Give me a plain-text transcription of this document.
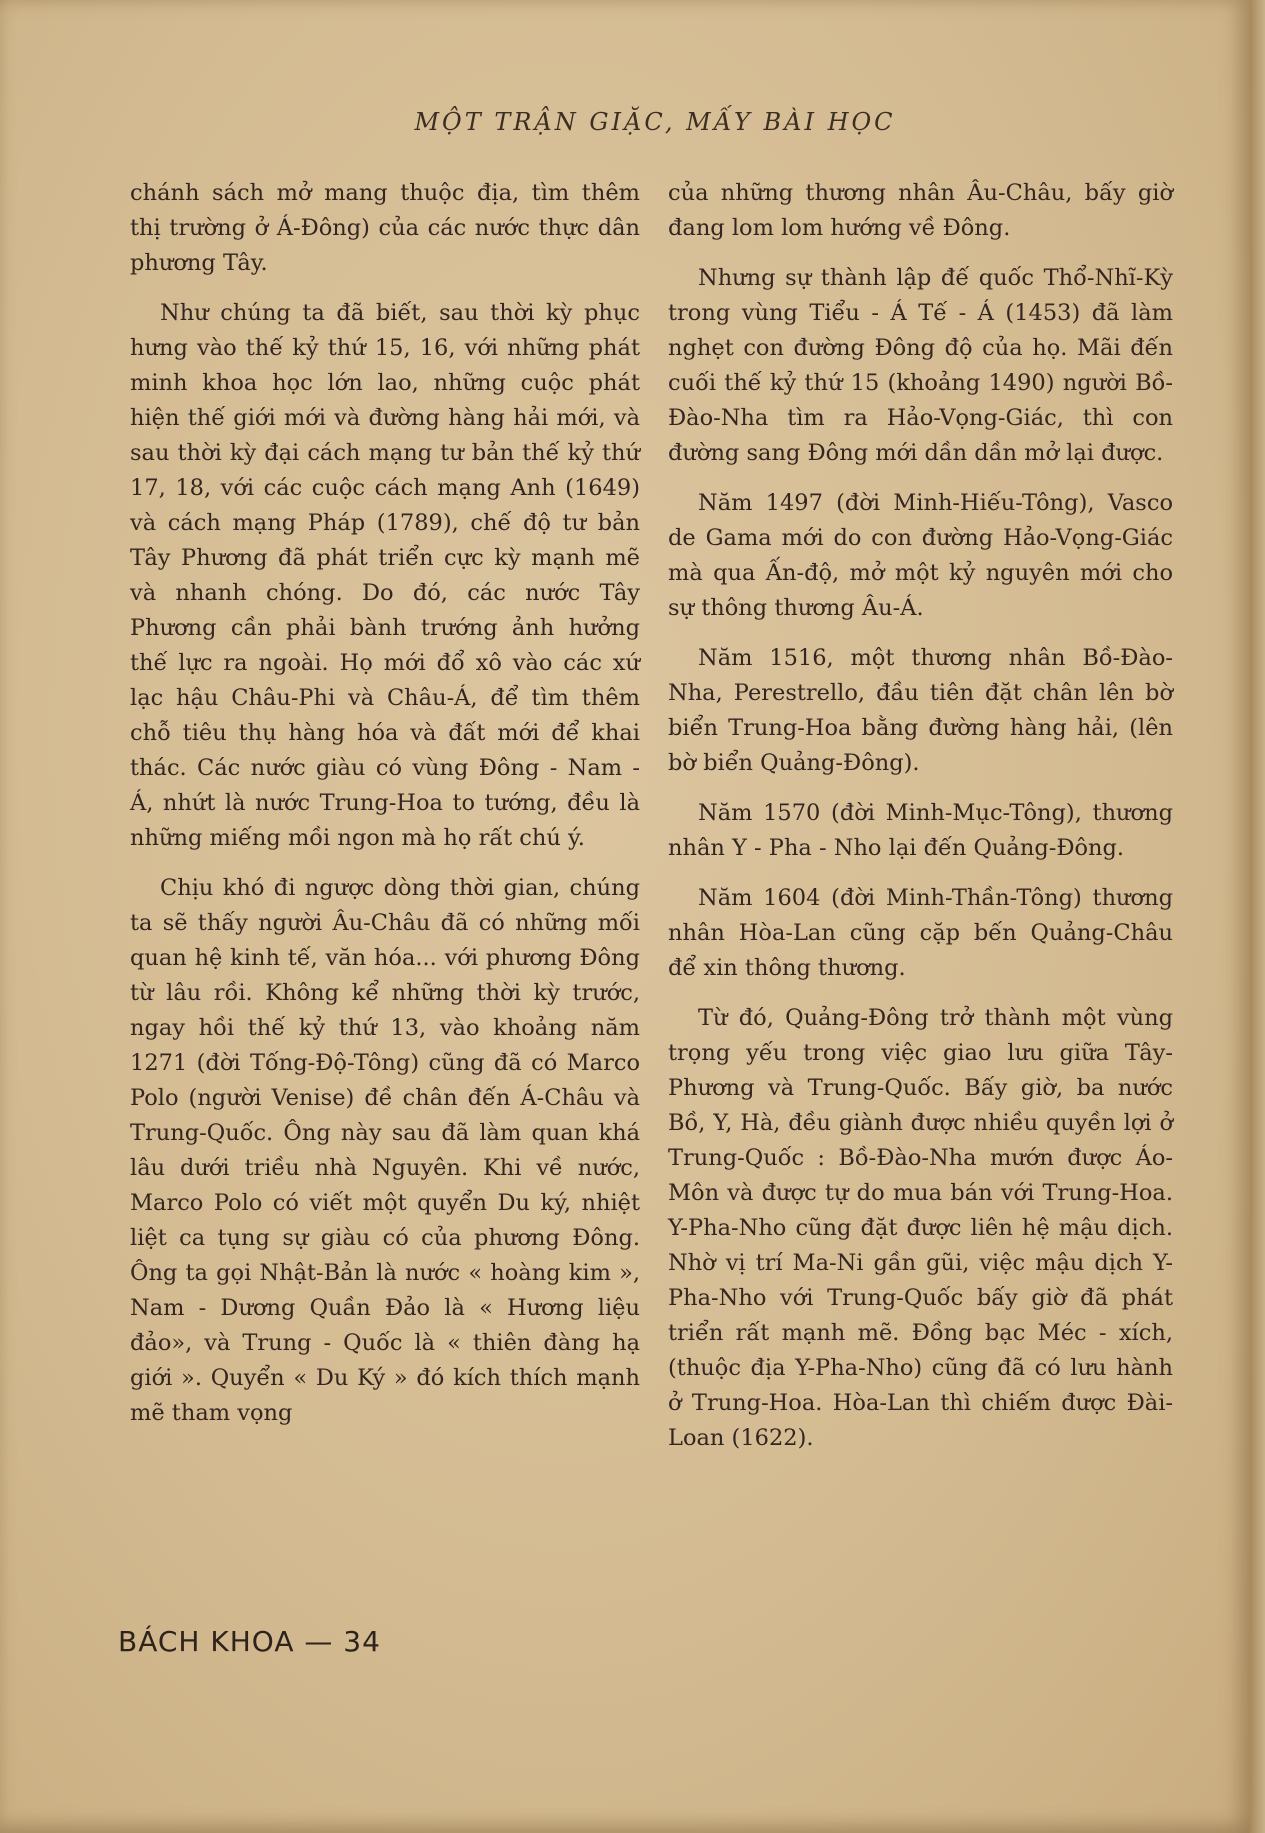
MỘT TRẬN GIẶC, MẤY BÀI HỌC

chánh sách mở mang thuộc địa, tìm thêm thị trường ở Á-Đông) của các nước thực dân phương Tây.

Như chúng ta đã biết, sau thời kỳ phục hưng vào thế kỷ thứ 15, 16, với những phát minh khoa học lớn lao, những cuộc phát hiện thế giới mới và đường hàng hải mới, và sau thời kỳ đại cách mạng tư bản thế kỷ thứ 17, 18, với các cuộc cách mạng Anh (1649) và cách mạng Pháp (1789), chế độ tư bản Tây Phương đã phát triển cực kỳ mạnh mẽ và nhanh chóng. Do đó, các nước Tây Phương cần phải bành trướng ảnh hưởng thế lực ra ngoài. Họ mới đổ xô vào các xứ lạc hậu Châu-Phi và Châu-Á, để tìm thêm chỗ tiêu thụ hàng hóa và đất mới để khai thác. Các nước giàu có vùng Đông - Nam - Á, nhứt là nước Trung-Hoa to tướng, đều là những miếng mồi ngon mà họ rất chú ý.

Chịu khó đi ngược dòng thời gian, chúng ta sẽ thấy người Âu-Châu đã có những mối quan hệ kinh tế, văn hóa... với phương Đông từ lâu rồi. Không kể những thời kỳ trước, ngay hồi thế kỷ thứ 13, vào khoảng năm 1271 (đời Tống-Độ-Tông) cũng đã có Marco Polo (người Venise) đề chân đến Á-Châu và Trung-Quốc. Ông này sau đã làm quan khá lâu dưới triều nhà Nguyên. Khi về nước, Marco Polo có viết một quyển Du ký, nhiệt liệt ca tụng sự giàu có của phương Đông. Ông ta gọi Nhật-Bản là nước « hoàng kim », Nam - Dương Quần Đảo là « Hương liệu đảo», và Trung - Quốc là « thiên đàng hạ giới ». Quyển « Du Ký » đó kích thích mạnh mẽ tham vọng

của những thương nhân Âu-Châu, bấy giờ đang lom lom hướng về Đông.

Nhưng sự thành lập đế quốc Thổ-Nhĩ-Kỳ trong vùng Tiểu - Á Tế - Á (1453) đã làm nghẹt con đường Đông độ của họ. Mãi đến cuối thế kỷ thứ 15 (khoảng 1490) người Bồ-Đào-Nha tìm ra Hảo-Vọng-Giác, thì con đường sang Đông mới dần dần mở lại được.

Năm 1497 (đời Minh-Hiếu-Tông), Vasco de Gama mới do con đường Hảo-Vọng-Giác mà qua Ấn-độ, mở một kỷ nguyên mới cho sự thông thương Âu-Á.

Năm 1516, một thương nhân Bồ-Đào-Nha, Perestrello, đầu tiên đặt chân lên bờ biển Trung-Hoa bằng đường hàng hải, (lên bờ biển Quảng-Đông).

Năm 1570 (đời Minh-Mục-Tông), thương nhân Y - Pha - Nho lại đến Quảng-Đông.

Năm 1604 (đời Minh-Thần-Tông) thương nhân Hòa-Lan cũng cặp bến Quảng-Châu để xin thông thương.

Từ đó, Quảng-Đông trở thành một vùng trọng yếu trong việc giao lưu giữa Tây-Phương và Trung-Quốc. Bấy giờ, ba nước Bồ, Y, Hà, đều giành được nhiều quyền lợi ở Trung-Quốc : Bồ-Đào-Nha mướn được Áo-Môn và được tự do mua bán với Trung-Hoa. Y-Pha-Nho cũng đặt được liên hệ mậu dịch. Nhờ vị trí Ma-Ni gần gũi, việc mậu dịch Y-Pha-Nho với Trung-Quốc bấy giờ đã phát triển rất mạnh mẽ. Đồng bạc Méc - xích, (thuộc địa Y-Pha-Nho) cũng đã có lưu hành ở Trung-Hoa. Hòa-Lan thì chiếm được Đài-Loan (1622).

BÁCH KHOA — 34
